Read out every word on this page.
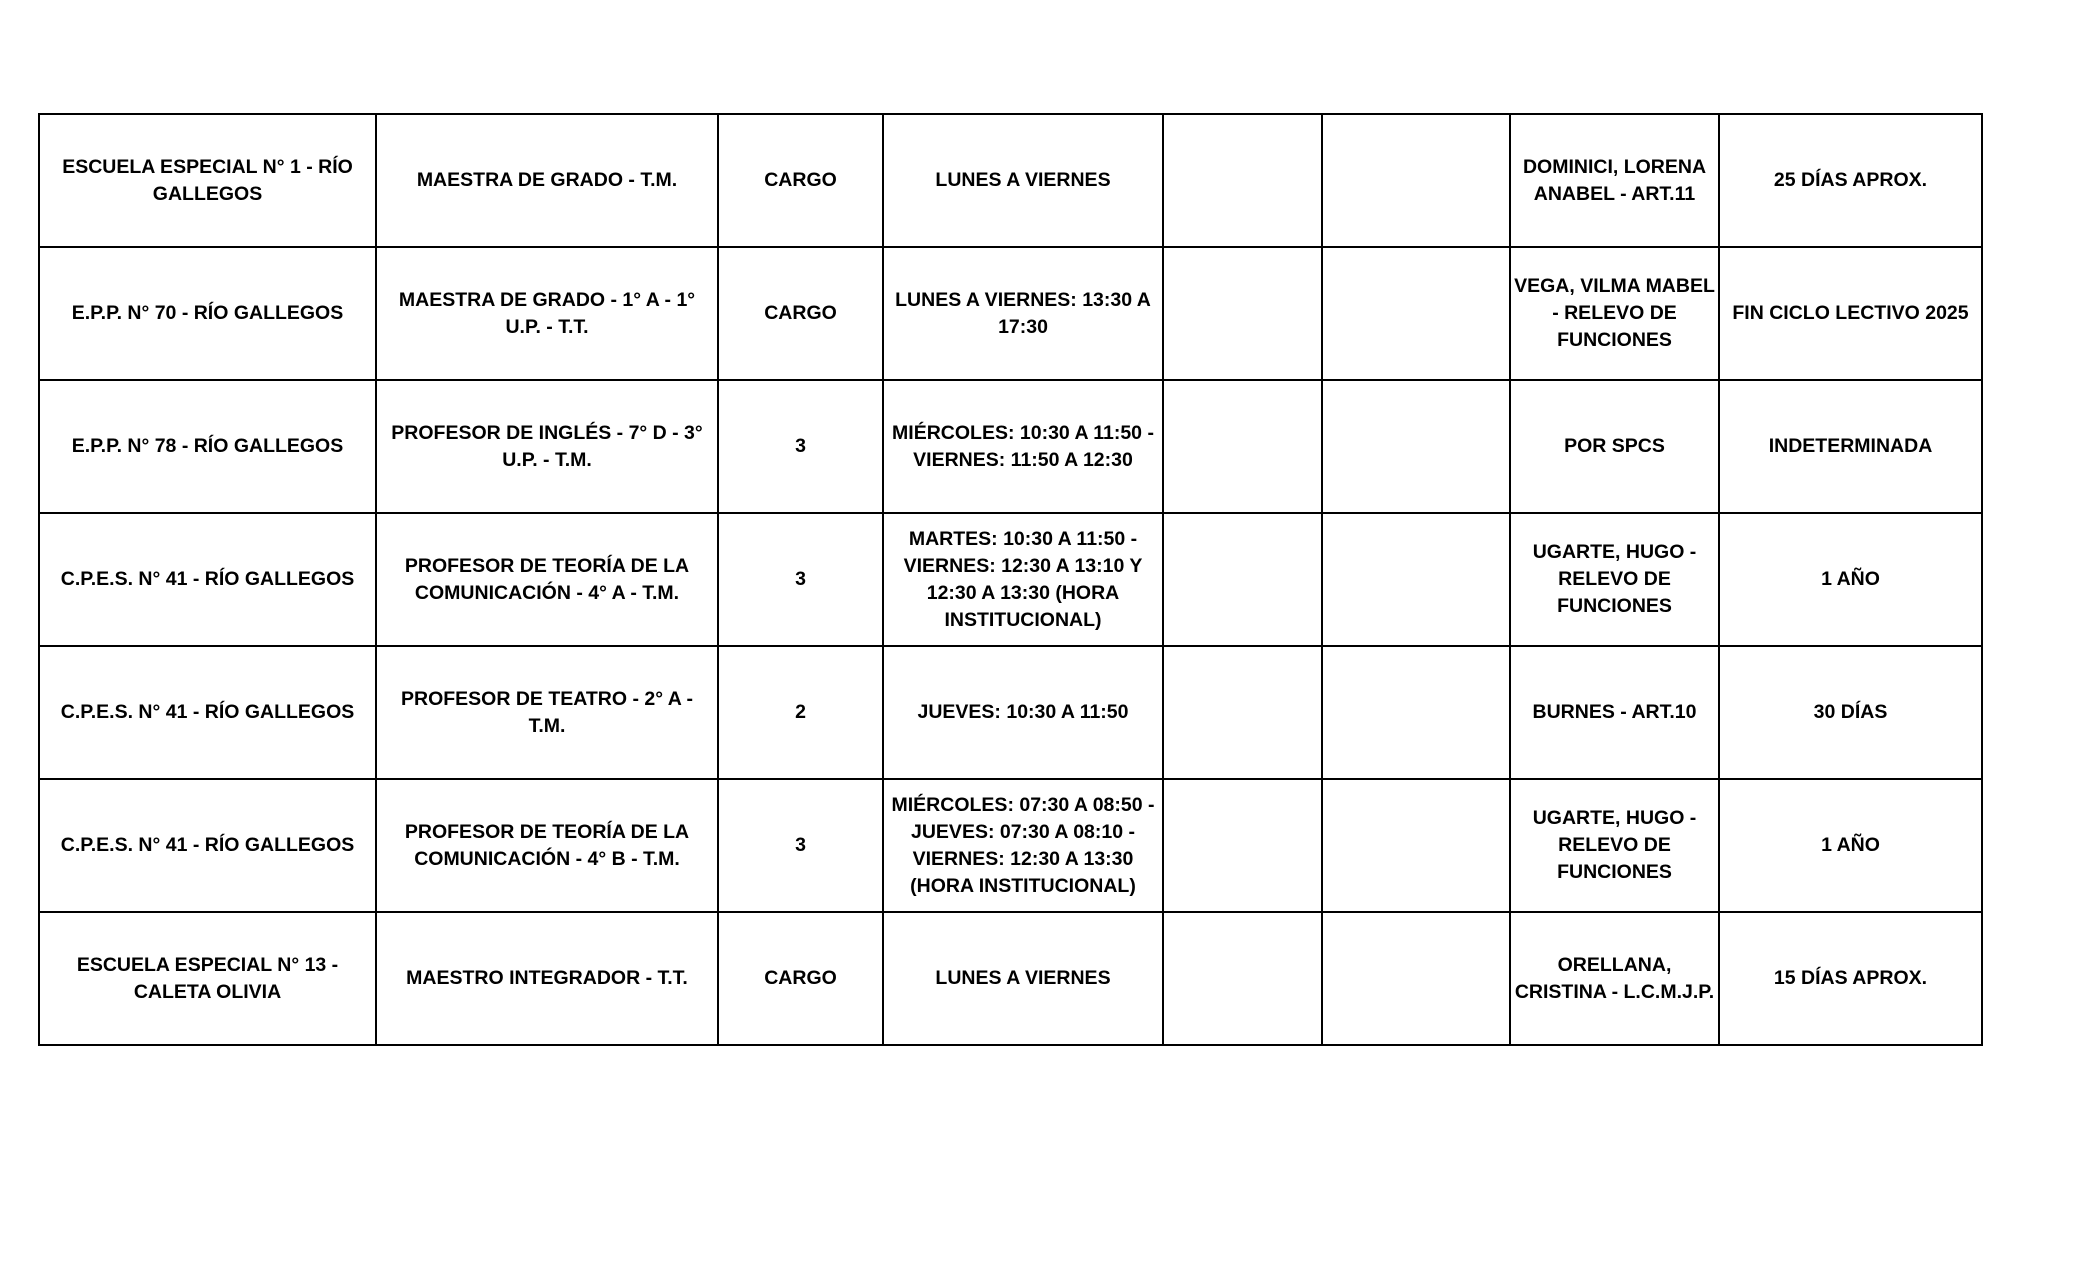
ESCUELA ESPECIAL N° 1 - RÍO GALLEGOS	MAESTRA DE GRADO - T.M.	CARGO	LUNES A VIERNES			DOMINICI, LORENA ANABEL - ART.11	25 DÍAS APROX.
E.P.P. N° 70 - RÍO GALLEGOS	MAESTRA DE GRADO - 1° A - 1° U.P. - T.T.	CARGO	LUNES A VIERNES: 13:30 A 17:30			VEGA, VILMA MABEL - RELEVO DE FUNCIONES	FIN CICLO LECTIVO 2025
E.P.P. N° 78 - RÍO GALLEGOS	PROFESOR DE INGLÉS - 7° D - 3° U.P. - T.M.	3	MIÉRCOLES: 10:30 A 11:50 - VIERNES: 11:50 A 12:30			POR SPCS	INDETERMINADA
C.P.E.S. N° 41 - RÍO GALLEGOS	PROFESOR DE TEORÍA DE LA COMUNICACIÓN - 4° A - T.M.	3	MARTES: 10:30 A 11:50 - VIERNES: 12:30 A 13:10 Y 12:30 A 13:30 (HORA INSTITUCIONAL)			UGARTE, HUGO - RELEVO DE FUNCIONES	1 AÑO
C.P.E.S. N° 41 - RÍO GALLEGOS	PROFESOR DE TEATRO - 2° A - T.M.	2	JUEVES: 10:30 A 11:50			BURNES - ART.10	30 DÍAS
C.P.E.S. N° 41 - RÍO GALLEGOS	PROFESOR DE TEORÍA DE LA COMUNICACIÓN - 4° B - T.M.	3	MIÉRCOLES: 07:30 A 08:50 - JUEVES: 07:30 A 08:10 - VIERNES: 12:30 A 13:30 (HORA INSTITUCIONAL)			UGARTE, HUGO - RELEVO DE FUNCIONES	1 AÑO
ESCUELA ESPECIAL N° 13 - CALETA OLIVIA	MAESTRO INTEGRADOR - T.T.	CARGO	LUNES A VIERNES			ORELLANA, CRISTINA - L.C.M.J.P.	15 DÍAS APROX.
